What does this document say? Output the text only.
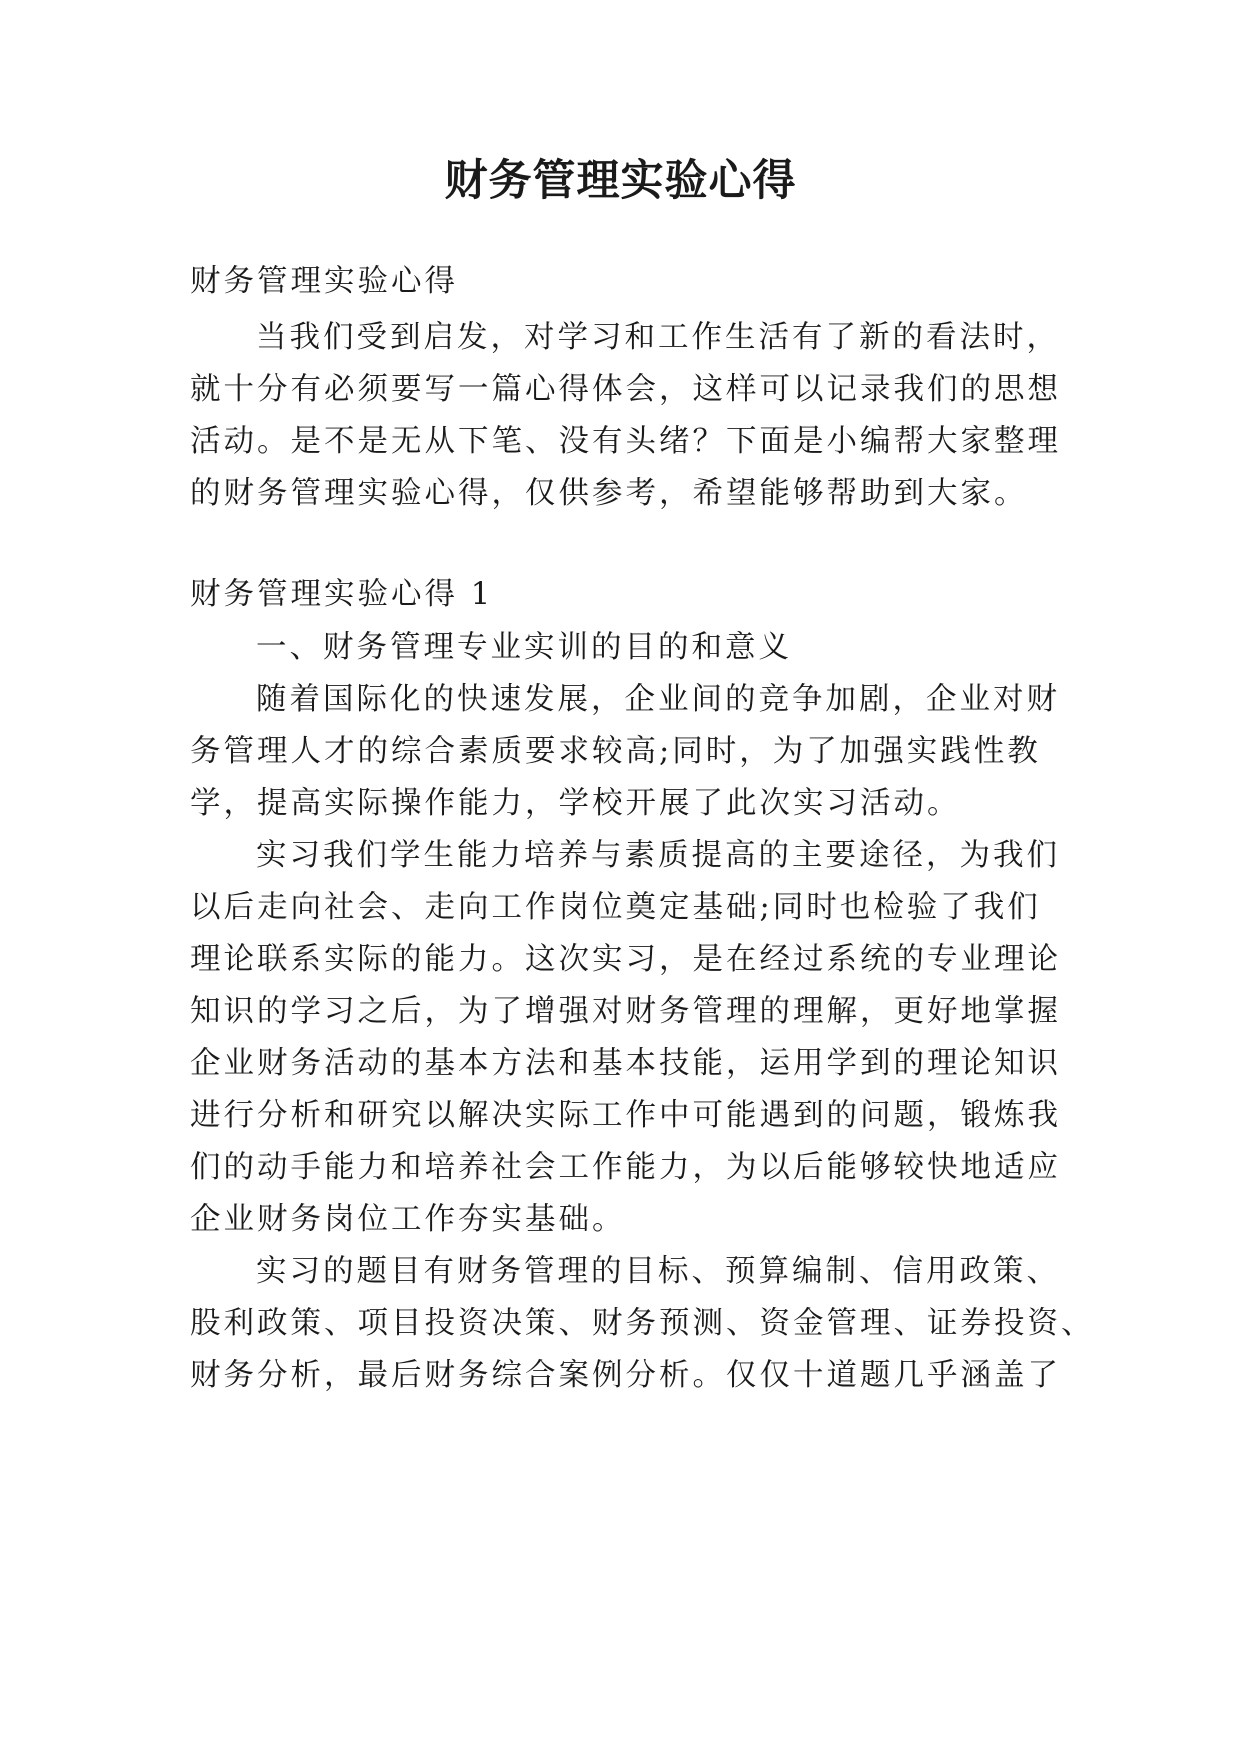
财务管理实验心得

财务管理实验心得

当我们受到启发，对学习和工作生活有了新的看法时，

就十分有必须要写一篇心得体会，这样可以记录我们的思想

活动。是不是无从下笔、没有头绪？下面是小编帮大家整理

的财务管理实验心得，仅供参考，希望能够帮助到大家。

财务管理实验心得 1

一、财务管理专业实训的目的和意义

随着国际化的快速发展，企业间的竞争加剧，企业对财

务管理人才的综合素质要求较高;同时，为了加强实践性教

学，提高实际操作能力，学校开展了此次实习活动。

实习我们学生能力培养与素质提高的主要途径，为我们

以后走向社会、走向工作岗位奠定基础;同时也检验了我们

理论联系实际的能力。这次实习，是在经过系统的专业理论

知识的学习之后，为了增强对财务管理的理解，更好地掌握

企业财务活动的基本方法和基本技能，运用学到的理论知识

进行分析和研究以解决实际工作中可能遇到的问题，锻炼我

们的动手能力和培养社会工作能力，为以后能够较快地适应

企业财务岗位工作夯实基础。

实习的题目有财务管理的目标、预算编制、信用政策、

股利政策、项目投资决策、财务预测、资金管理、证券投资、

财务分析，最后财务综合案例分析。仅仅十道题几乎涵盖了
